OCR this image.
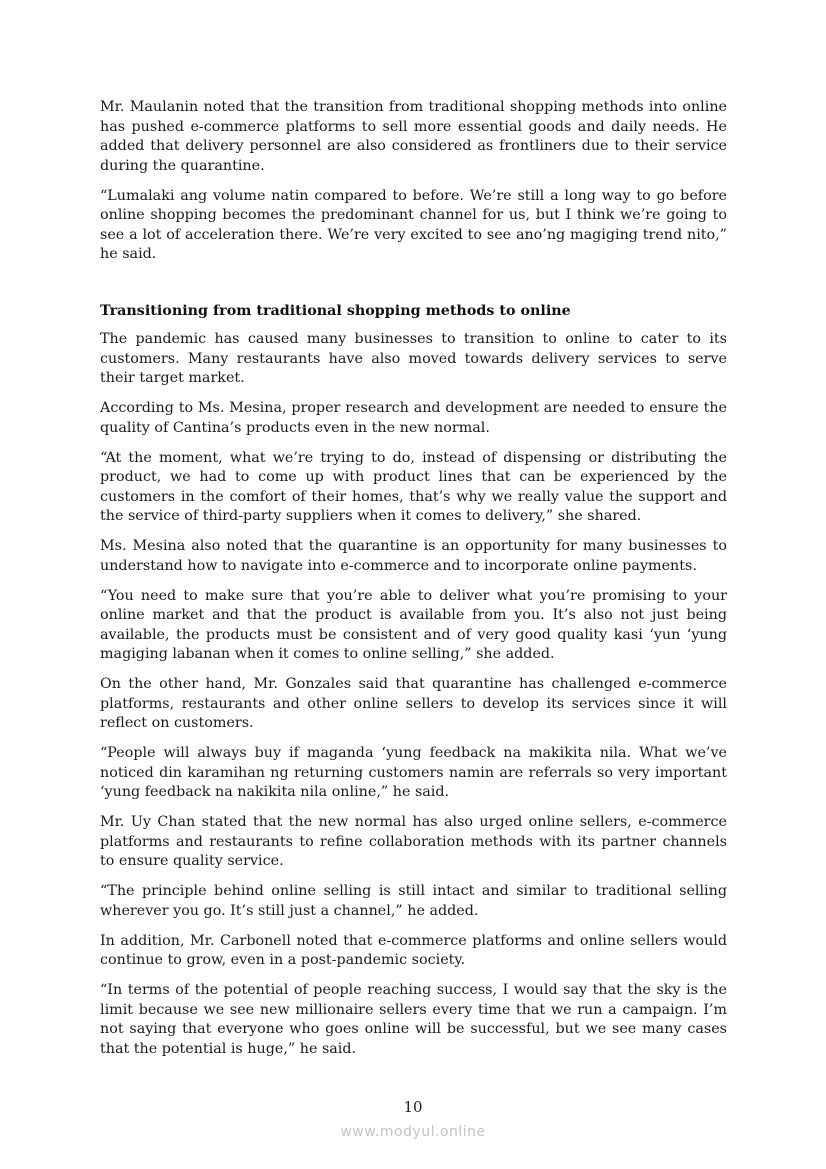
Mr. Maulanin noted that the transition from traditional shopping methods into online has pushed e-commerce platforms to sell more essential goods and daily needs. He added that delivery personnel are also considered as frontliners due to their service during the quarantine.

“Lumalaki ang volume natin compared to before. We’re still a long way to go before online shopping becomes the predominant channel for us, but I think we’re going to see a lot of acceleration there. We’re very excited to see ano’ng magiging trend nito,” he said.

Transitioning from traditional shopping methods to online

The pandemic has caused many businesses to transition to online to cater to its customers. Many restaurants have also moved towards delivery services to serve their target market.

According to Ms. Mesina, proper research and development are needed to ensure the quality of Cantina’s products even in the new normal.

“At the moment, what we’re trying to do, instead of dispensing or distributing the product, we had to come up with product lines that can be experienced by the customers in the comfort of their homes, that’s why we really value the support and the service of third-party suppliers when it comes to delivery,” she shared.

Ms. Mesina also noted that the quarantine is an opportunity for many businesses to understand how to navigate into e-commerce and to incorporate online payments.

“You need to make sure that you’re able to deliver what you’re promising to your online market and that the product is available from you. It’s also not just being available, the products must be consistent and of very good quality kasi ‘yun ‘yung magiging labanan when it comes to online selling,” she added.

On the other hand, Mr. Gonzales said that quarantine has challenged e-commerce platforms, restaurants and other online sellers to develop its services since it will reflect on customers.

“People will always buy if maganda ‘yung feedback na makikita nila. What we’ve noticed din karamihan ng returning customers namin are referrals so very important ‘yung feedback na nakikita nila online,” he said.

Mr. Uy Chan stated that the new normal has also urged online sellers, e-commerce platforms and restaurants to refine collaboration methods with its partner channels to ensure quality service.

“The principle behind online selling is still intact and similar to traditional selling wherever you go. It’s still just a channel,” he added.

In addition, Mr. Carbonell noted that e-commerce platforms and online sellers would continue to grow, even in a post-pandemic society.

“In terms of the potential of people reaching success, I would say that the sky is the limit because we see new millionaire sellers every time that we run a campaign. I’m not saying that everyone who goes online will be successful, but we see many cases that the potential is huge,” he said.

10
www.modyul.online
